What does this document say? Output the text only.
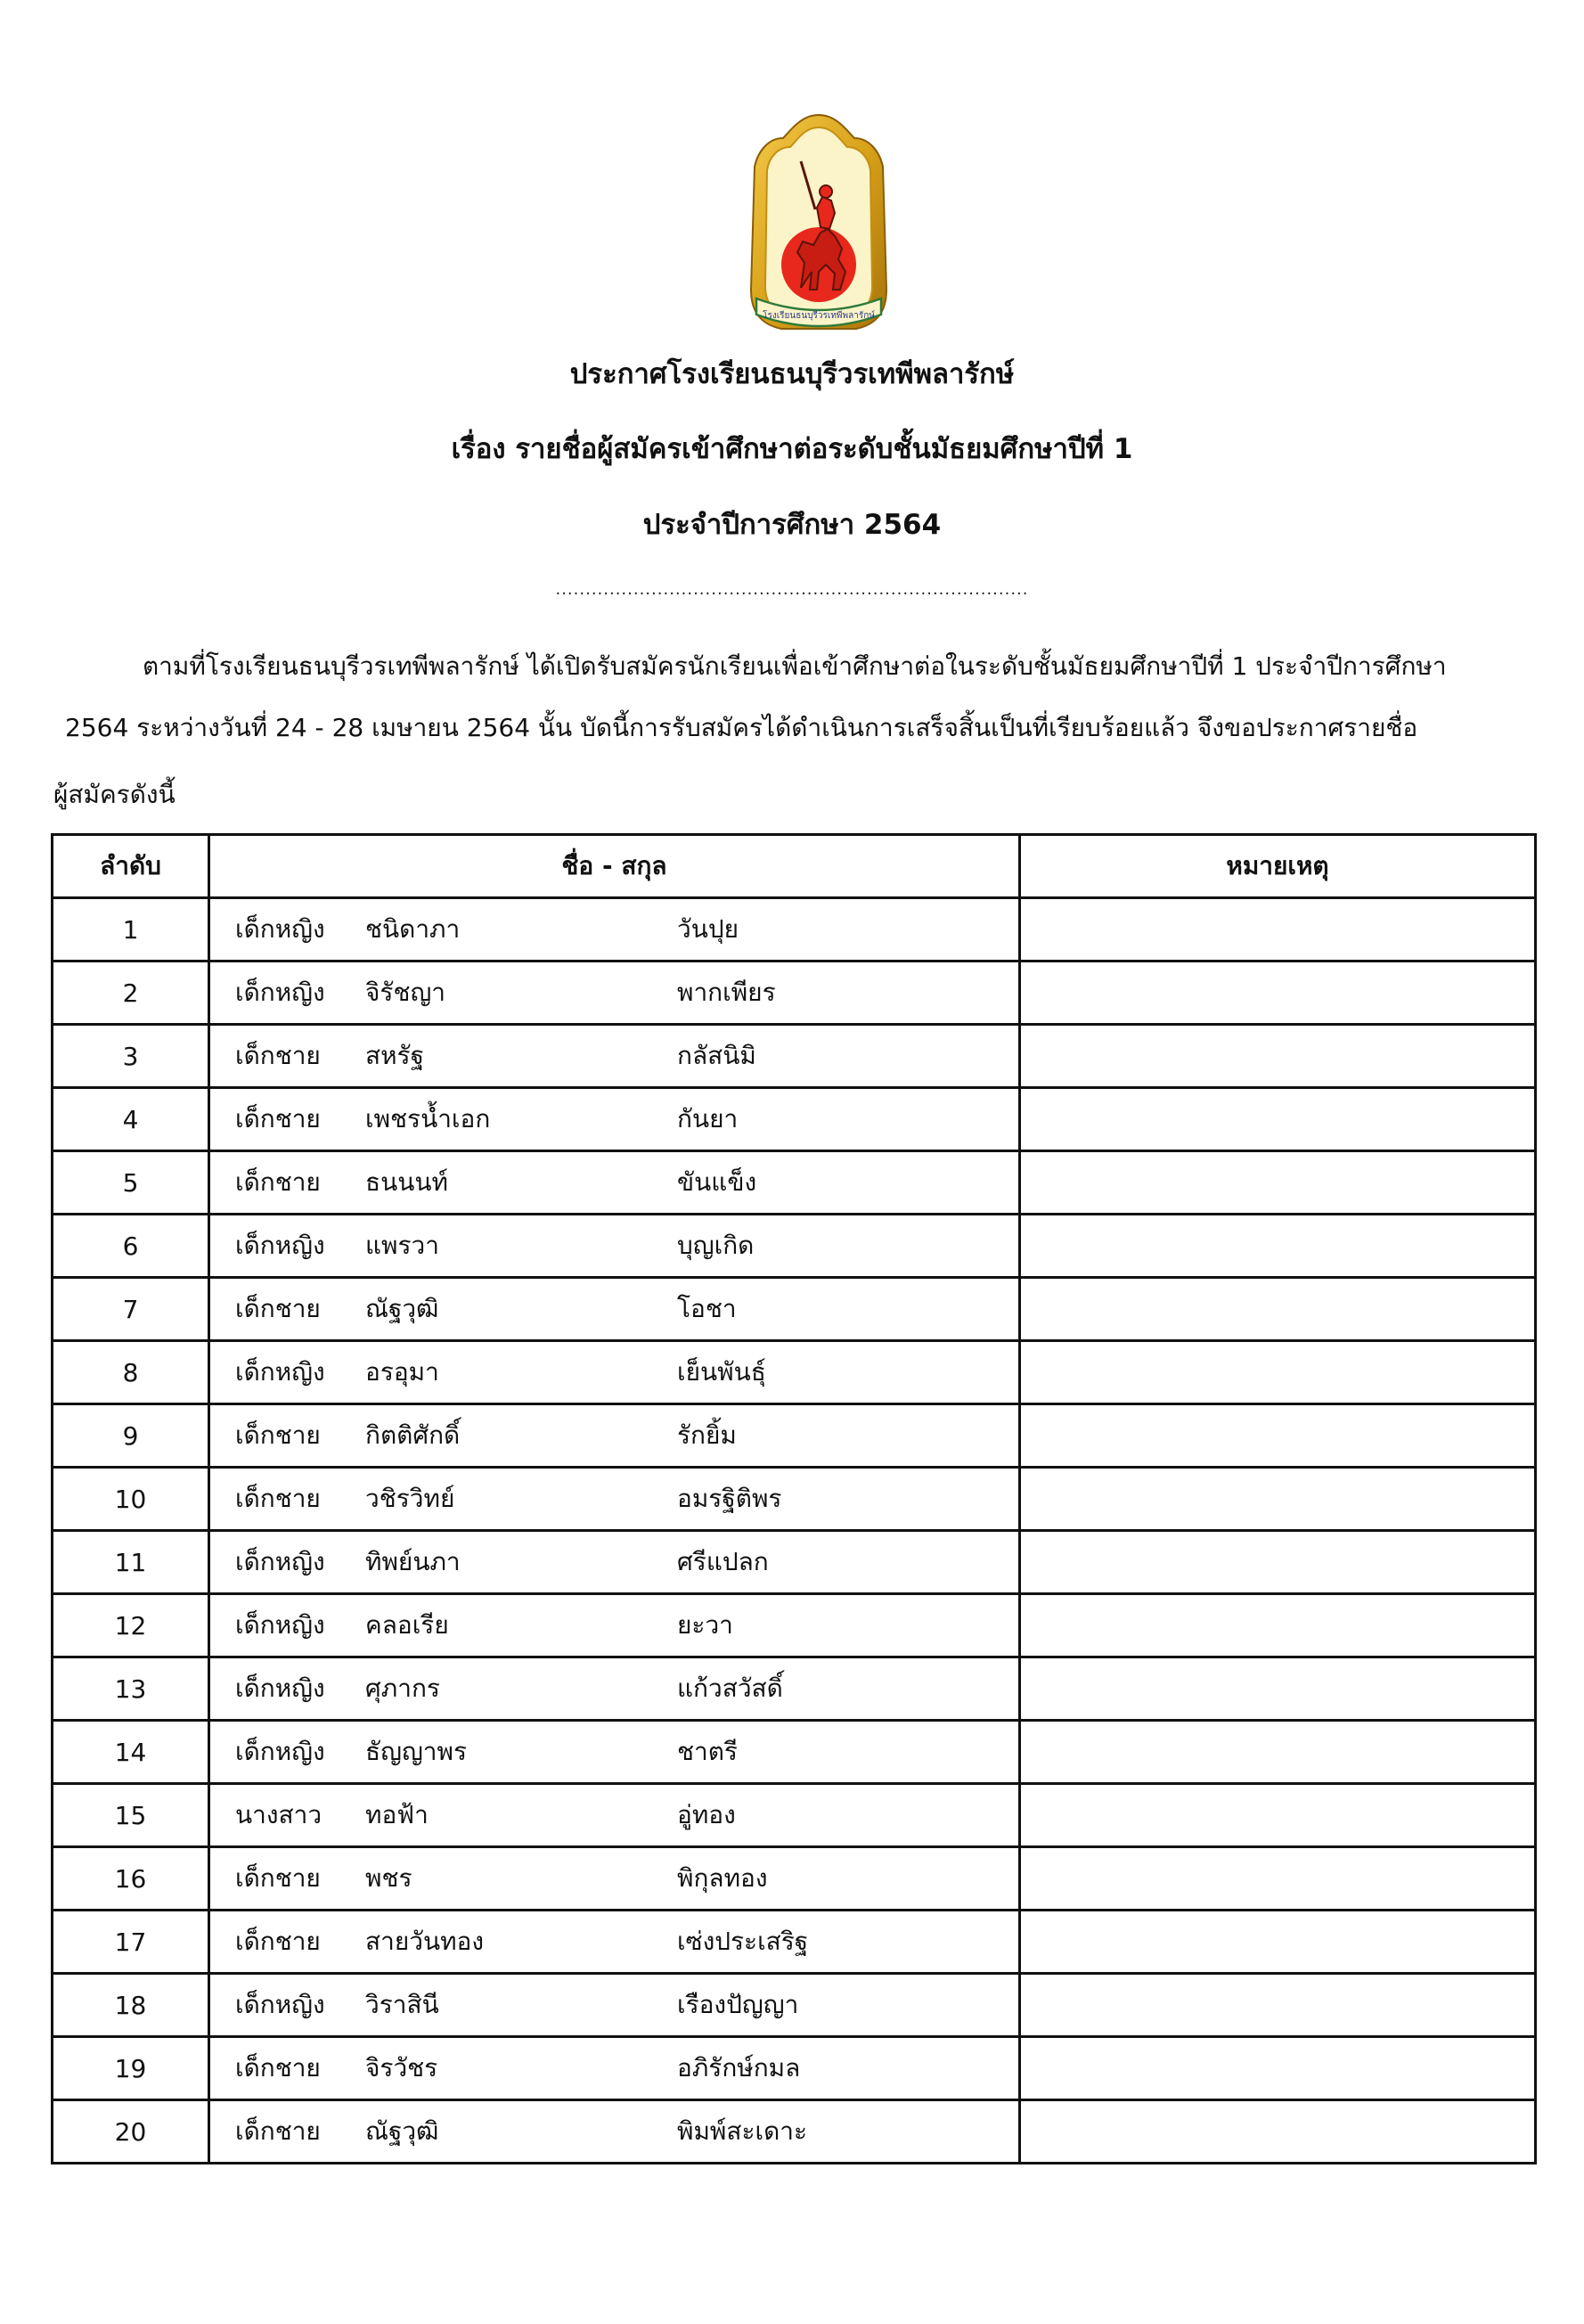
โรงเรียนธนบุรีวรเทพีพลารักษ์
ประกาศโรงเรียนธนบุรีวรเทพีพลารักษ์
เรื่อง รายชื่อผู้สมัครเข้าศึกษาต่อระดับชั้นมัธยมศึกษาปีที่ 1
ประจำปีการศึกษา 2564
...............................................................................
ตามที่โรงเรียนธนบุรีวรเทพีพลารักษ์ ได้เปิดรับสมัครนักเรียนเพื่อเข้าศึกษาต่อในระดับชั้นมัธยมศึกษาปีที่ 1 ประจำปีการศึกษา
2564 ระหว่างวันที่ 24 - 28 เมษายน 2564 นั้น บัดนี้การรับสมัครได้ดำเนินการเสร็จสิ้นเป็นที่เรียบร้อยแล้ว จึงขอประกาศรายชื่อ
ผู้สมัครดังนี้
ลำดับ	ชื่อ - สกุล	หมายเหตุ
1	เด็กหญิง ชนิดาภา วันปุย	

2	เด็กหญิง จิรัชญา พากเพียร	

3	เด็กชาย สหรัฐ กลัสนิมิ	

4	เด็กชาย เพชรน้ำเอก กันยา	

5	เด็กชาย ธนนนท์ ขันแข็ง	

6	เด็กหญิง แพรวา บุญเกิด	

7	เด็กชาย ณัฐวุฒิ โอชา	

8	เด็กหญิง อรอุมา เย็นพันธุ์	

9	เด็กชาย กิตติศักดิ์ รักยิ้ม	

10	เด็กชาย วชิรวิทย์ อมรฐิติพร	

11	เด็กหญิง ทิพย์นภา ศรีแปลก	

12	เด็กหญิง คลอเรีย ยะวา	

13	เด็กหญิง ศุภากร แก้วสวัสดิ์	

14	เด็กหญิง ธัญญาพร ชาตรี	

15	นางสาว ทอฟ้า อู่ทอง	

16	เด็กชาย พชร พิกุลทอง	

17	เด็กชาย สายวันทอง เซ่งประเสริฐ	

18	เด็กหญิง วิราสินี เรืองปัญญา	

19	เด็กชาย จิรวัชร อภิรักษ์กมล	

20	เด็กชาย ณัฐวุฒิ พิมพ์สะเดาะ	
